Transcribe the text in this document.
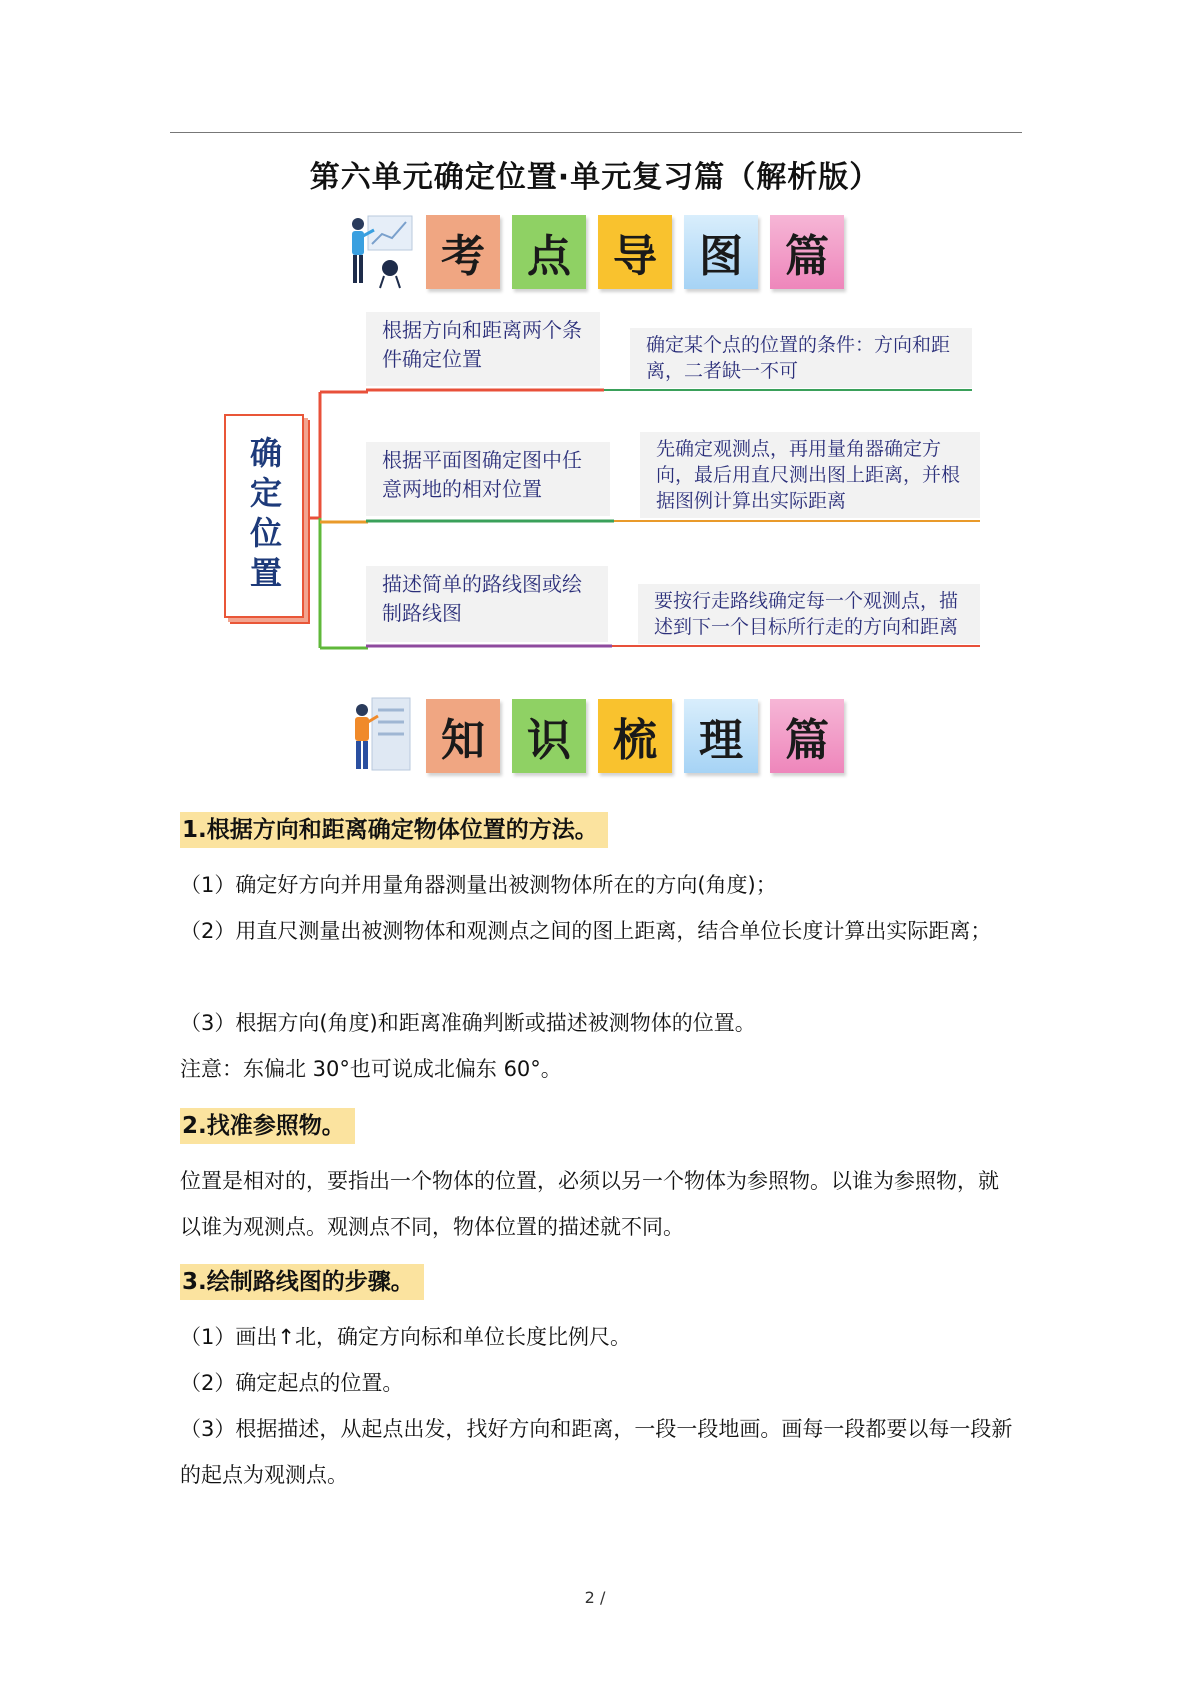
第六单元确定位置·单元复习篇（解析版）
考 点 导 图 篇
确定位置
根据方向和距离两个条件确定位置
确定某个点的位置的条件：方向和距离，二者缺一不可
根据平面图确定图中任意两地的相对位置
先确定观测点，再用量角器确定方向，最后用直尺测出图上距离，并根据图例计算出实际距离
描述简单的路线图或绘制路线图	要按行走路线确定每一个观测点，描述到下一个目标所行走的方向和距离
知 识 梳 理 篇
1.根据方向和距离确定物体位置的方法。

（1）确定好方向并用量角器测量出被测物体所在的方向(角度)；

（2）用直尺测量出被测物体和观测点之间的图上距离，结合单位长度计算出实际距离；

（3）根据方向(角度)和距离准确判断或描述被测物体的位置。

注意：东偏北 30°也可说成北偏东 60°。

2.找准参照物。

位置是相对的，要指出一个物体的位置，必须以另一个物体为参照物。以谁为参照物，就以谁为观测点。观测点不同，物体位置的描述就不同。

3.绘制路线图的步骤。

（1）画出↑北，确定方向标和单位长度比例尺。

（2）确定起点的位置。

（3）根据描述，从起点出发，找好方向和距离，一段一段地画。画每一段都要以每一段新的起点为观测点。

2 /
